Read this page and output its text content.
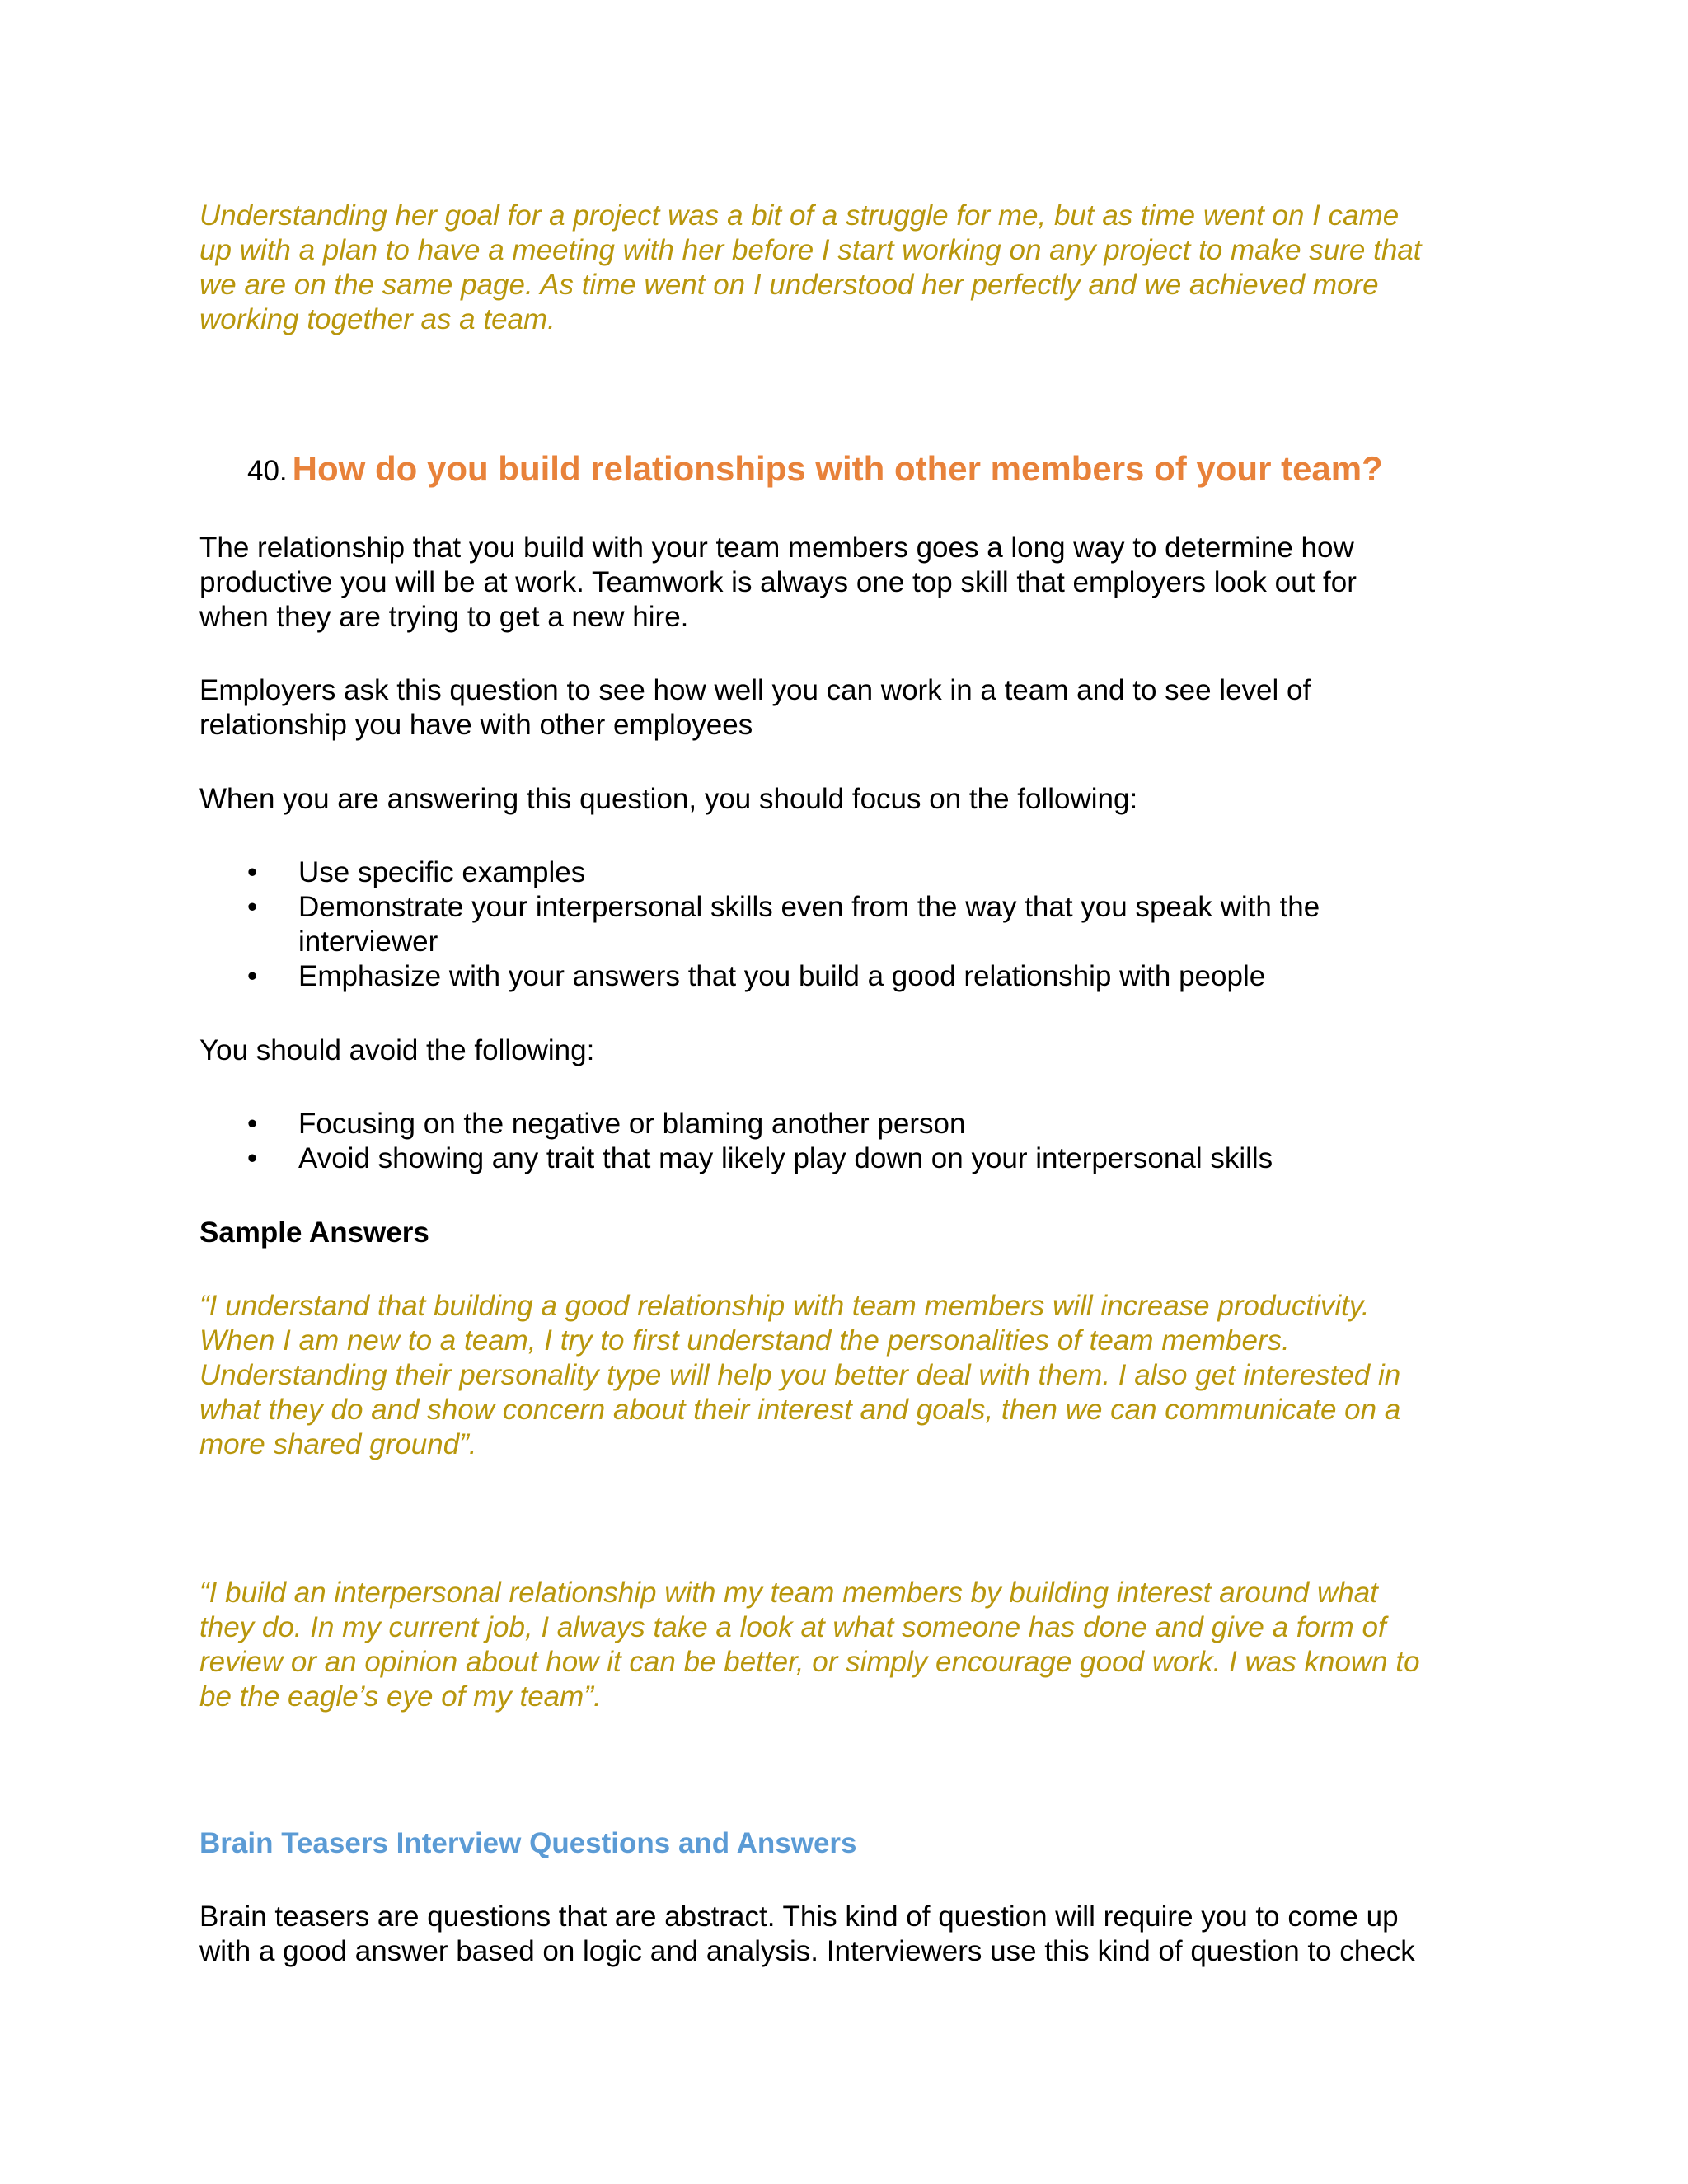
Understanding her goal for a project was a bit of a struggle for me, but as time went on I came
up with a plan to have a meeting with her before I start working on any project to make sure that
we are on the same page. As time went on I understood her perfectly and we achieved more
working together as a team.

40. How do you build relationships with other members of your team?

The relationship that you build with your team members goes a long way to determine how
productive you will be at work. Teamwork is always one top skill that employers look out for
when they are trying to get a new hire.

Employers ask this question to see how well you can work in a team and to see level of
relationship you have with other employees

When you are answering this question, you should focus on the following:

• Use specific examples
• Demonstrate your interpersonal skills even from the way that you speak with the
interviewer
• Emphasize with your answers that you build a good relationship with people

You should avoid the following:

• Focusing on the negative or blaming another person
• Avoid showing any trait that may likely play down on your interpersonal skills

Sample Answers

“I understand that building a good relationship with team members will increase productivity.
When I am new to a team, I try to first understand the personalities of team members.
Understanding their personality type will help you better deal with them. I also get interested in
what they do and show concern about their interest and goals, then we can communicate on a
more shared ground”.

“I build an interpersonal relationship with my team members by building interest around what
they do. In my current job, I always take a look at what someone has done and give a form of
review or an opinion about how it can be better, or simply encourage good work. I was known to
be the eagle’s eye of my team”.

Brain Teasers Interview Questions and Answers

Brain teasers are questions that are abstract. This kind of question will require you to come up
with a good answer based on logic and analysis. Interviewers use this kind of question to check
